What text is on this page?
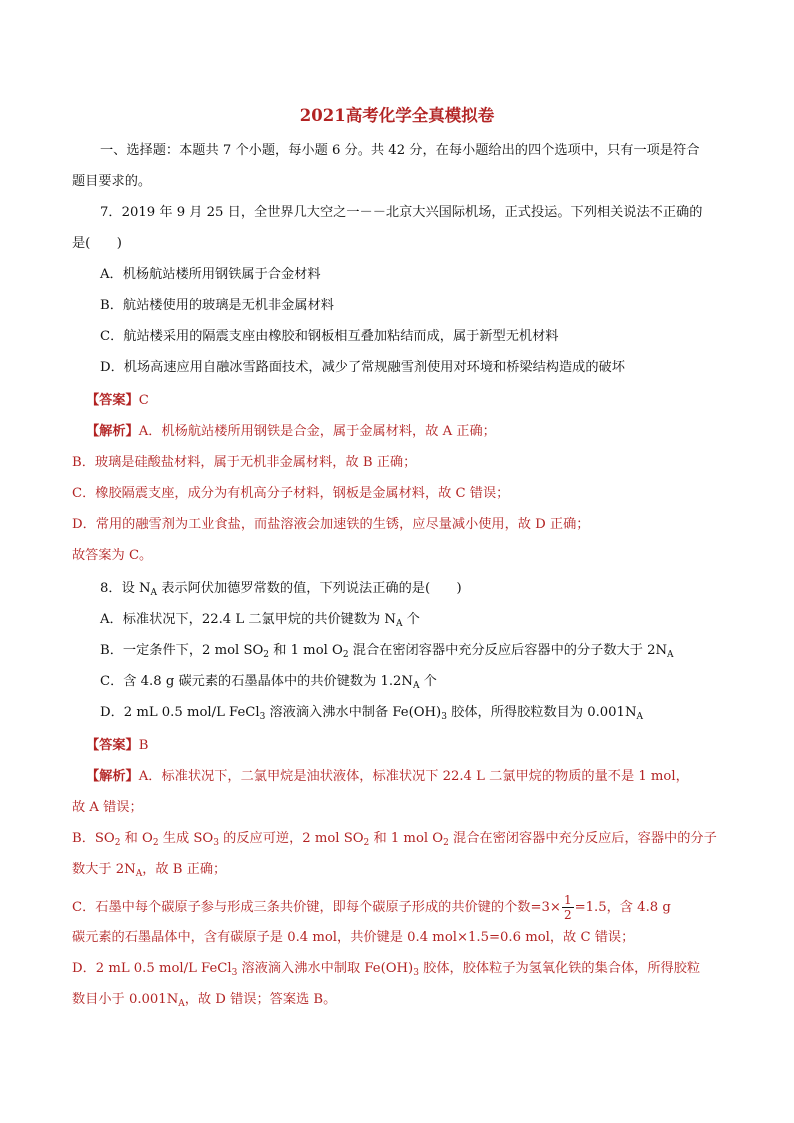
2021高考化学全真模拟卷
一、选择题：本题共 7 个小题，每小题 6 分。共 42 分，在每小题给出的四个选项中，只有一项是符合
题目要求的。
7．2019 年 9 月 25 日，全世界几大空之一－－北京大兴国际机场，正式投运。下列相关说法不正确的
是(　　)
A．机杨航站楼所用钢铁属于合金材料
B．航站楼使用的玻璃是无机非金属材料
C．航站楼采用的隔震支座由橡胶和钢板相互叠加粘结而成，属于新型无机材料
D．机场高速应用自融冰雪路面技术，减少了常规融雪剂使用对环境和桥梁结构造成的破坏
【答案】C
【解析】A．机杨航站楼所用钢铁是合金，属于金属材料，故 A 正确；
B．玻璃是硅酸盐材料，属于无机非金属材料，故 B 正确；
C．橡胶隔震支座，成分为有机高分子材料，钢板是金属材料，故 C 错误；
D．常用的融雪剂为工业食盐，而盐溶液会加速铁的生锈，应尽量减小使用，故 D 正确；
故答案为 C。
8．设 $N_A$ 表示阿伏加德罗常数的值，下列说法正确的是(　　)
A．标准状况下，22.4 L 二氯甲烷的共价键数为 $N_A$ 个
B．一定条件下，2 mol $SO_2$ 和 1 mol $O_2$ 混合在密闭容器中充分反应后容器中的分子数大于 $2N_A$
C．含 4.8 g 碳元素的石墨晶体中的共价键数为 $1.2N_A$ 个
D．2 mL 0.5 mol/L FeCl$_3$ 溶液滴入沸水中制备 $Fe(OH)_3$ 胶体，所得胶粒数目为 $0.001N_A$
【答案】B
【解析】A．标准状况下，二氯甲烷是油状液体，标准状况下 22.4 L 二氯甲烷的物质的量不是 1 mol，
故 A 错误；
B．$SO_2$ 和 $O_2$ 生成 $SO_3$ 的反应可逆，2 mol $SO_2$ 和 1 mol $O_2$ 混合在密闭容器中充分反应后，容器中的分子
数大于 $2N_A$，故 B 正确；
C．石墨中每个碳原子参与形成三条共价键，即每个碳原子形成的共价键的个数$=3\times \frac{1}{2} =1.5$，含 4.8 g
碳元素的石墨晶体中，含有碳原子是 0.4 mol，共价键是 0.4 mol×1.5=0.6 mol，故 C 错误；
D．2 mL 0.5 mol/L FeCl$_3$ 溶液滴入沸水中制取 $Fe(OH)_3$ 胶体，胶体粒子为氢氧化铁的集合体，所得胶粒
数目小于 $0.001N_A$，故 D 错误；答案选 B。
